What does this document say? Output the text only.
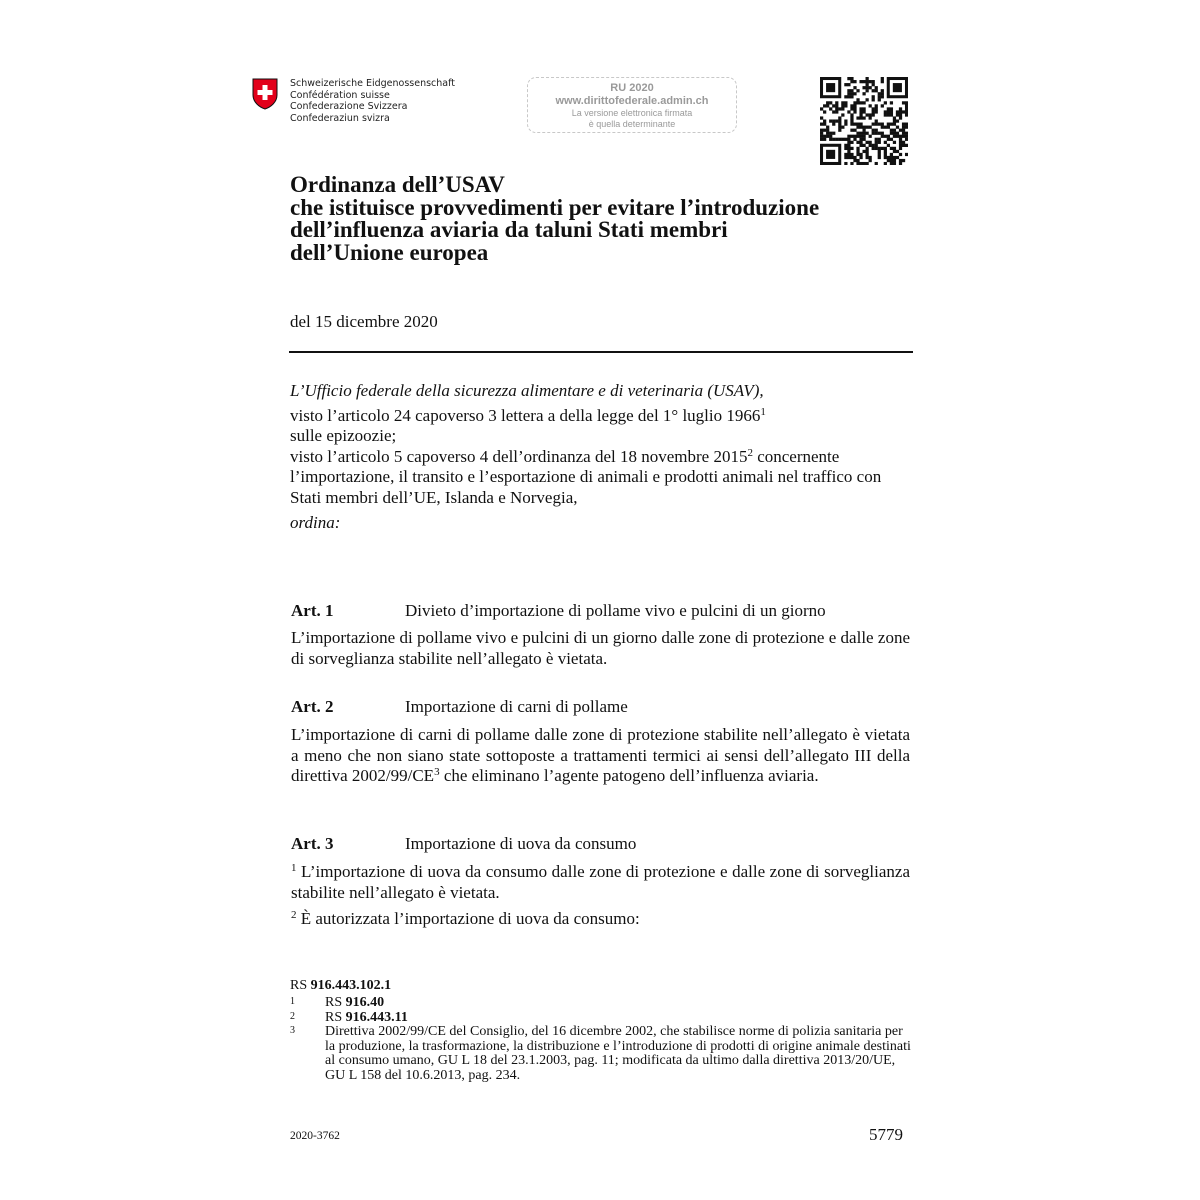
Schweizerische Eidgenossenschaft
Confédération suisse
Confederazione Svizzera
Confederaziun svizra
RU 2020
www.dirittofederale.admin.ch
La versione elettronica firmata
è quella determinante
Ordinanza dell’USAV
che istituisce provvedimenti per evitare l’introduzione
dell’influenza aviaria da taluni Stati membri
dell’Unione europea
del 15 dicembre 2020
L’Ufficio federale della sicurezza alimentare e di veterinaria (USAV),
visto l’articolo 24 capoverso 3 lettera a della legge del 1° luglio 1966$^1$
sulle epizoozie;
visto l’articolo 5 capoverso 4 dell’ordinanza del 18 novembre 2015$^2$ concernente l’importazione, il transito e l’esportazione di animali e prodotti animali nel traffico con Stati membri dell’UE, Islanda e Norvegia,
ordina:
Art. 1	Divieto d’importazione di pollame vivo e pulcini di un giorno

L’importazione di pollame vivo e pulcini di un giorno dalle zone di protezione e dalle zone di sorveglianza stabilite nell’allegato è vietata.

Art. 2	Importazione di carni di pollame

L’importazione di carni di pollame dalle zone di protezione stabilite nell’allegato è vietata a meno che non siano state sottoposte a trattamenti termici ai sensi dell’allegato III della direttiva $2002/99/CE^3$ che eliminano l’agente patogeno dell’influenza aviaria.

Art. 3	Importazione di uova da consumo

$^1$ L’importazione di uova da consumo dalle zone di protezione e dalle zone di sorveglianza stabilite nell’allegato è vietata.

$^2$ È autorizzata l’importazione di uova da consumo:

RS 916.443.102.1
1	RS 916.40
2	RS 916.443.11
3	Direttiva 2002/99/CE del Consiglio, del 16 dicembre 2002, che stabilisce norme di polizia sanitaria per la produzione, la trasformazione, la distribuzione e l’introduzione di prodotti di origine animale destinati al consumo umano, GU L 18 del 23.1.2003, pag. 11; modificata da ultimo dalla direttiva 2013/20/UE, GU L 158 del 10.6.2013, pag. 234.
2020-3762	5779
